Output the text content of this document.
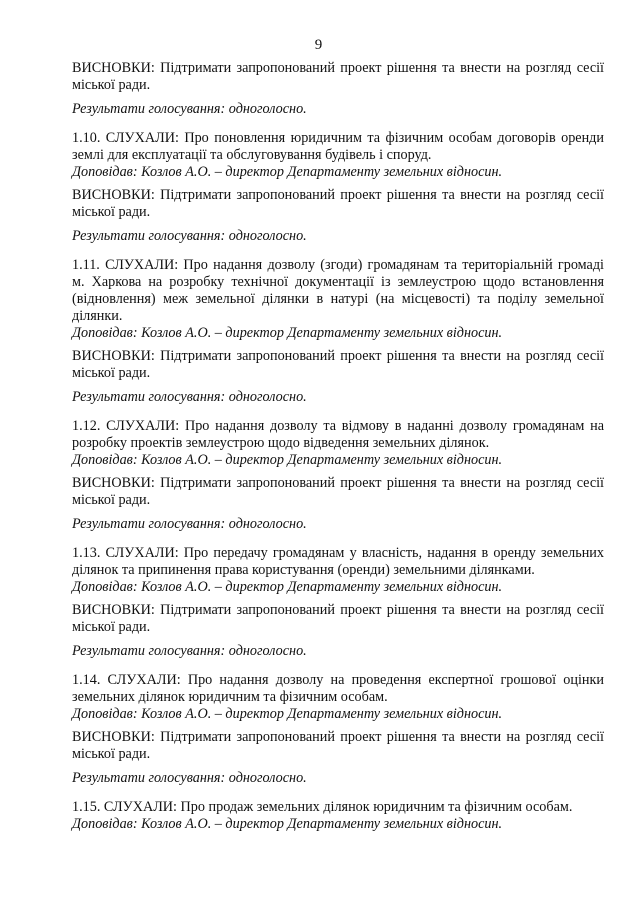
9

ВИСНОВКИ: Підтримати запропонований проект рішення та внести на розгляд сесії міської ради.

Результати голосування: одноголосно.

1.10. СЛУХАЛИ: Про поновлення юридичним та фізичним особам договорів оренди землі для експлуатації та обслуговування будівель і споруд.

Доповідав: Козлов А.О. – директор Департаменту земельних відносин.

ВИСНОВКИ: Підтримати запропонований проект рішення та внести на розгляд сесії міської ради.

Результати голосування: одноголосно.

1.11. СЛУХАЛИ: Про надання дозволу (згоди) громадянам та територіальній громаді м. Харкова на розробку технічної документації із землеустрою щодо встановлення (відновлення) меж земельної ділянки в натурі (на місцевості) та поділу земельної ділянки.

Доповідав: Козлов А.О. – директор Департаменту земельних відносин.

ВИСНОВКИ: Підтримати запропонований проект рішення та внести на розгляд сесії міської ради.

Результати голосування: одноголосно.

1.12. СЛУХАЛИ: Про надання дозволу та відмову в наданні дозволу громадянам на розробку проектів землеустрою щодо відведення земельних ділянок.

Доповідав: Козлов А.О. – директор Департаменту земельних відносин.

ВИСНОВКИ: Підтримати запропонований проект рішення та внести на розгляд сесії міської ради.

Результати голосування: одноголосно.

1.13. СЛУХАЛИ: Про передачу громадянам у власність, надання в оренду земельних ділянок та припинення права користування (оренди) земельними ділянками.

Доповідав: Козлов А.О. – директор Департаменту земельних відносин.

ВИСНОВКИ: Підтримати запропонований проект рішення та внести на розгляд сесії міської ради.

Результати голосування: одноголосно.

1.14. СЛУХАЛИ: Про надання дозволу на проведення експертної грошової оцінки земельних ділянок юридичним та фізичним особам.

Доповідав: Козлов А.О. – директор Департаменту земельних відносин.

ВИСНОВКИ: Підтримати запропонований проект рішення та внести на розгляд сесії міської ради.

Результати голосування: одноголосно.

1.15. СЛУХАЛИ: Про продаж земельних ділянок юридичним та фізичним особам.

Доповідав: Козлов А.О. – директор Департаменту земельних відносин.
